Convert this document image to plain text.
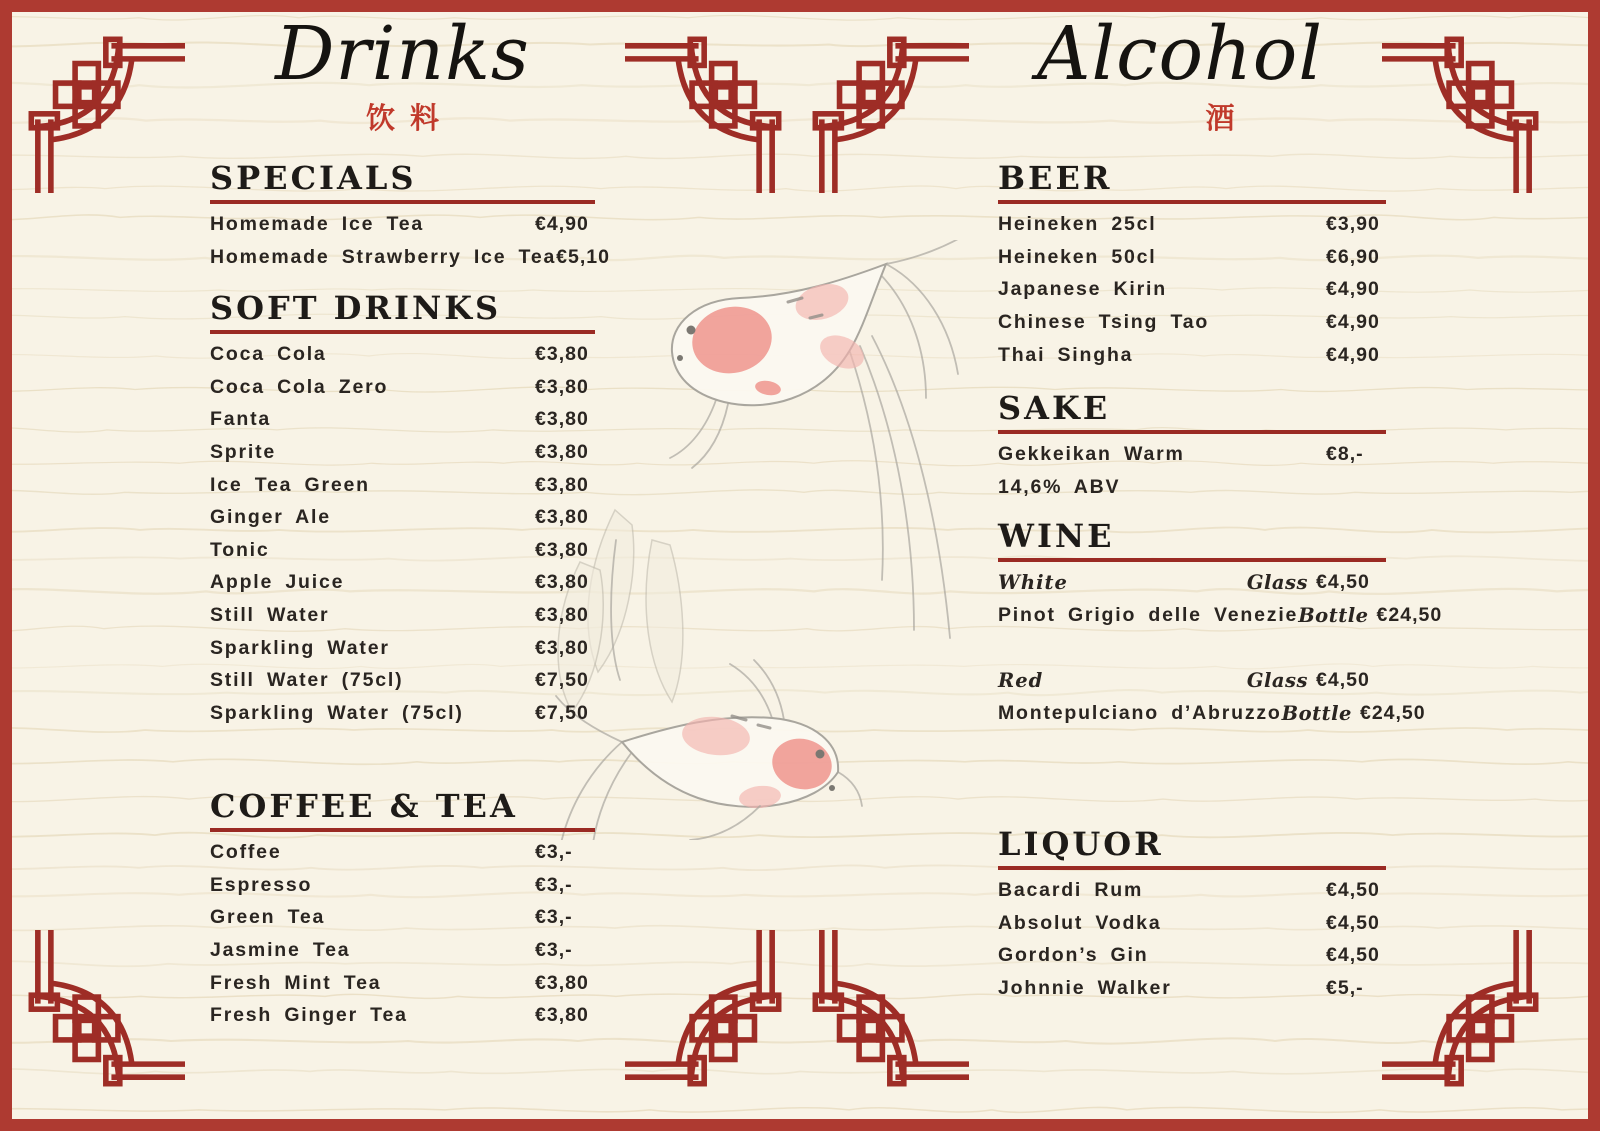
Drinks
饮料
SPECIALS
Homemade Ice Tea	€4,90
Homemade Strawberry Ice Tea €5,10
SOFT DRINKS
Coca Cola	€3,80
Coca Cola Zero	€3,80
Fanta	€3,80
Sprite	€3,80
Ice Tea Green	€3,80
Ginger Ale	€3,80
Tonic	€3,80
Apple Juice	€3,80
Still Water	€3,80
Sparkling Water	€3,80
Still Water (75cl)	€7,50
Sparkling Water (75cl)	€7,50
COFFEE & TEA
Coffee	€3,-
Espresso	€3,-
Green Tea	€3,-
Jasmine Tea	€3,-
Fresh Mint Tea	€3,80
Fresh Ginger Tea	€3,80
Alcohol
酒
BEER
Heineken 25cl	€3,90
Heineken 50cl	€6,90
Japanese Kirin	€4,90
Chinese Tsing Tao	€4,90
Thai Singha	€4,90
SAKE
Gekkeikan Warm	€8,-
14,6% ABV
WINE
White	Glass €4,50
Pinot Grigio delle Venezie Bottle €24,50
Red	Glass €4,50
Montepulciano d’Abruzzo Bottle €24,50
LIQUOR
Bacardi Rum	€4,50
Absolut Vodka	€4,50
Gordon’s Gin	€4,50
Johnnie Walker	€5,-
